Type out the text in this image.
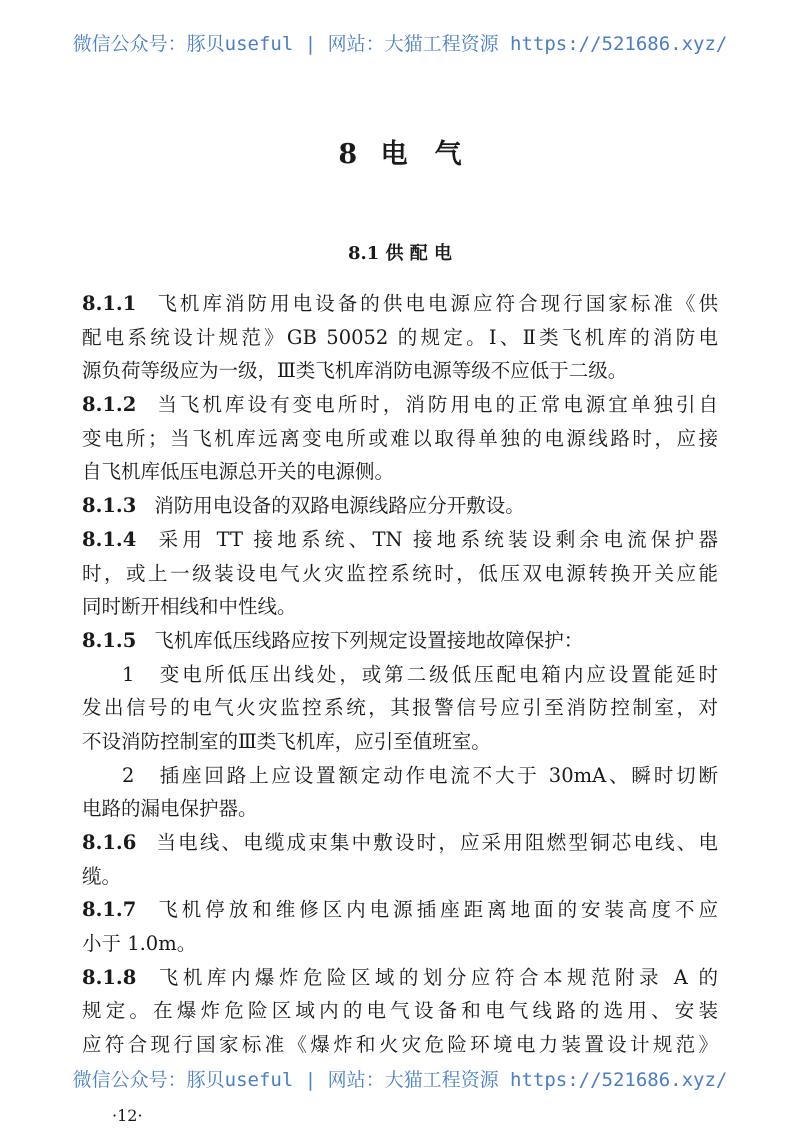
微信公众号：豚贝useful | 网站：大猫工程资源 https://521686.xyz/
8 电　气
8.1 供 配 电
8.1.1 飞机库消防用电设备的供电电源应符合现行国家标准《供
配电系统设计规范》GB 50052 的规定。Ⅰ、Ⅱ类飞机库的消防电
源负荷等级应为一级，Ⅲ类飞机库消防电源等级不应低于二级。
8.1.2 当飞机库设有变电所时，消防用电的正常电源宜单独引自
变电所；当飞机库远离变电所或难以取得单独的电源线路时，应接
自飞机库低压电源总开关的电源侧。
8.1.3 消防用电设备的双路电源线路应分开敷设。
8.1.4 采用 TT 接地系统、TN 接地系统装设剩余电流保护器
时，或上一级装设电气火灾监控系统时，低压双电源转换开关应能
同时断开相线和中性线。
8.1.5 飞机库低压线路应按下列规定设置接地故障保护：
1　变电所低压出线处，或第二级低压配电箱内应设置能延时
发出信号的电气火灾监控系统，其报警信号应引至消防控制室，对
不设消防控制室的Ⅲ类飞机库，应引至值班室。
2　插座回路上应设置额定动作电流不大于 30mA、瞬时切断
电路的漏电保护器。
8.1.6 当电线、电缆成束集中敷设时，应采用阻燃型铜芯电线、电
缆。
8.1.7 飞机停放和维修区内电源插座距离地面的安装高度不应
小于 1.0m。
8.1.8 飞机库内爆炸危险区域的划分应符合本规范附录 A 的
规定。在爆炸危险区域内的电气设备和电气线路的选用、安装
应符合现行国家标准《爆炸和火灾危险环境电力装置设计规范》
微信公众号：豚贝useful | 网站：大猫工程资源 https://521686.xyz/
·12·
